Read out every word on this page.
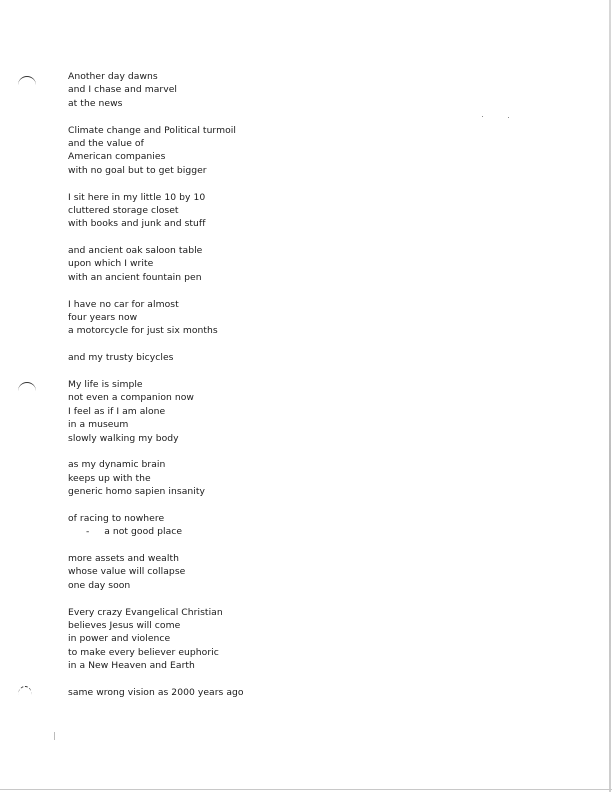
Another day dawns
and I chase and marvel
at the news
Climate change and Political turmoil
and the value of
American companies
with no goal but to get bigger
I sit here in my little 10 by 10
cluttered storage closet
with books and junk and stuff
and ancient oak saloon table
upon which I write
with an ancient fountain pen
I have no car for almost
four years now
a motorcycle for just six months
and my trusty bicycles
My life is simple
not even a companion now
I feel as if I am alone
in a museum
slowly walking my body
as my dynamic brain
keeps up with the
generic homo sapien insanity
of racing to nowhere
-     a not good place
more assets and wealth
whose value will collapse
one day soon
Every crazy Evangelical Christian
believes Jesus will come
in power and violence
to make every believer euphoric
in a New Heaven and Earth
same wrong vision as 2000 years ago
